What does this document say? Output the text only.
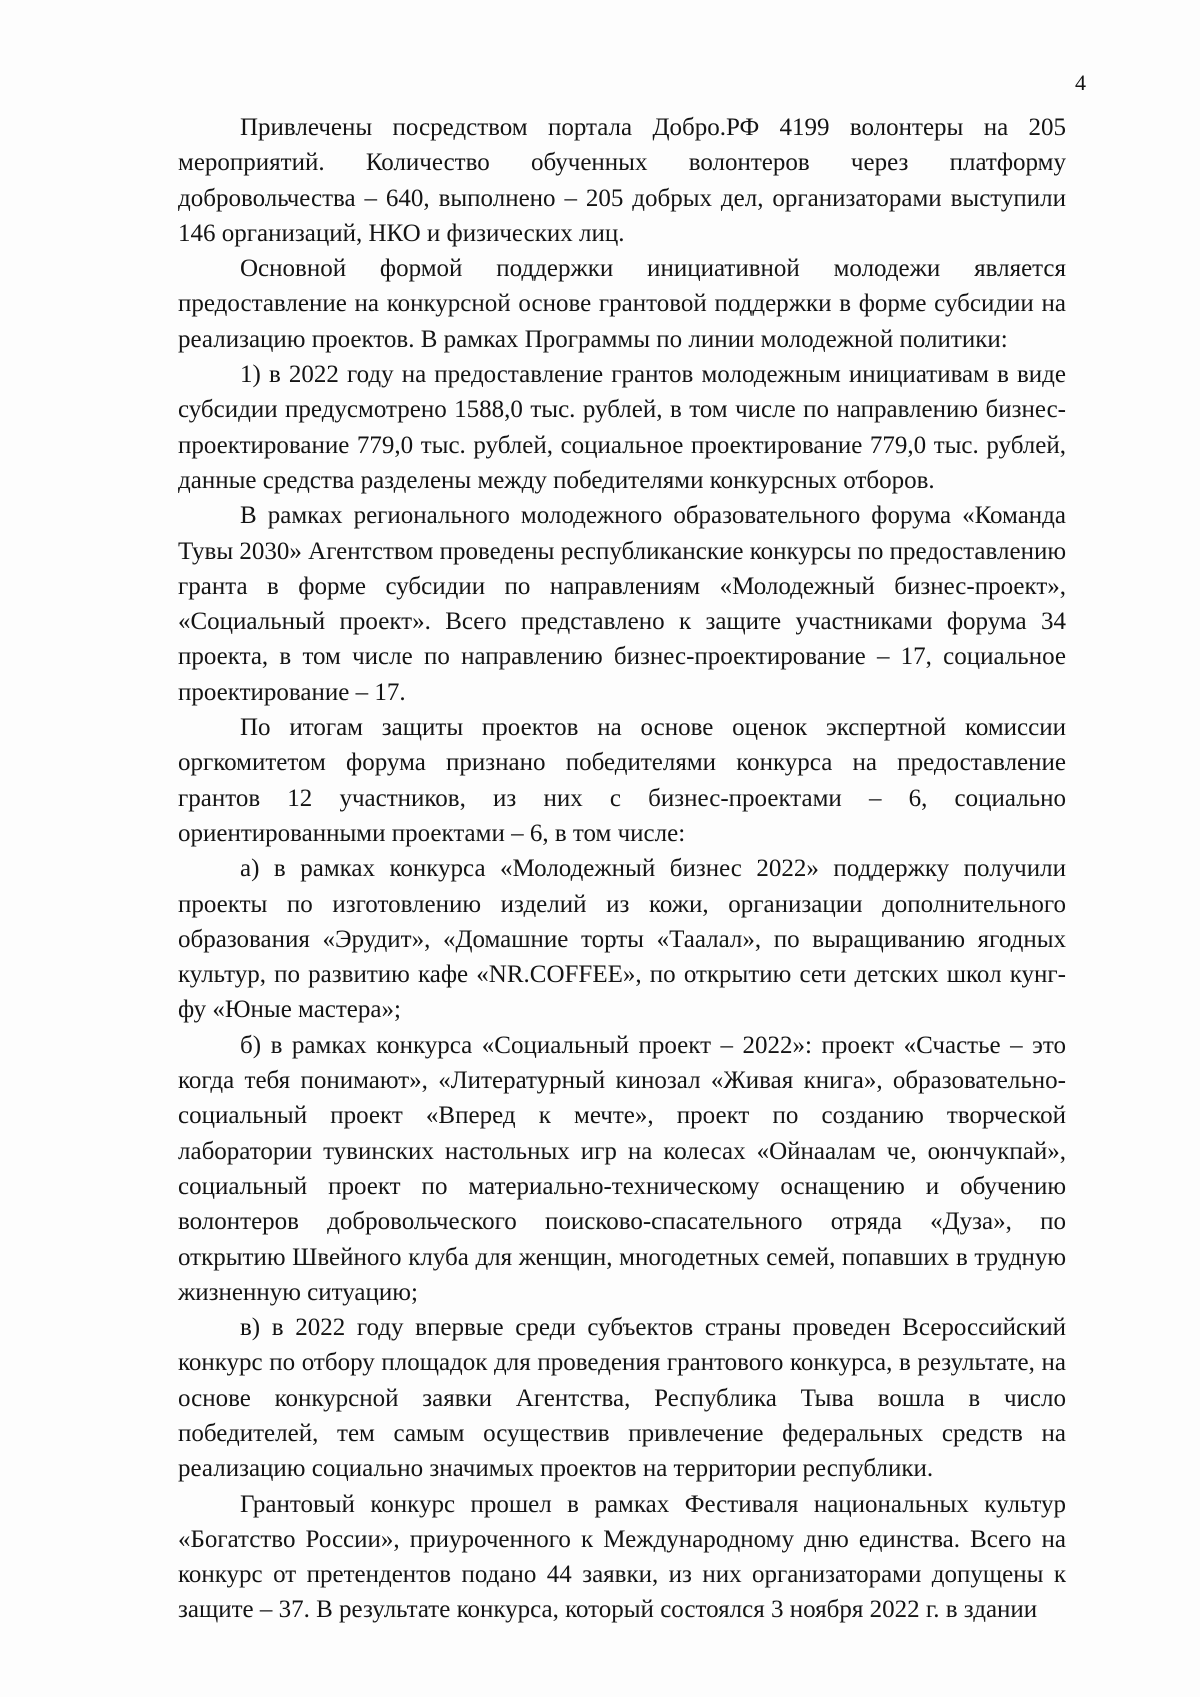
4

Привлечены посредством портала Добро.РФ 4199 волонтеры на 205 мероприятий. Количество обученных волонтеров через платформу добровольчества – 640, выполнено – 205 добрых дел, организаторами выступили 146 организаций, НКО и физических лиц.

Основной формой поддержки инициативной молодежи является предоставление на конкурсной основе грантовой поддержки в форме субсидии на реализацию проектов. В рамках Программы по линии молодежной политики:

1) в 2022 году на предоставление грантов молодежным инициативам в виде субсидии предусмотрено 1588,0 тыс. рублей, в том числе по направлению бизнес-проектирование 779,0 тыс. рублей, социальное проектирование 779,0 тыс. рублей, данные средства разделены между победителями конкурсных отборов.

В рамках регионального молодежного образовательного форума «Команда Тувы 2030» Агентством проведены республиканские конкурсы по предоставлению гранта в форме субсидии по направлениям «Молодежный бизнес-проект», «Социальный проект». Всего представлено к защите участниками форума 34 проекта, в том числе по направлению бизнес-проектирование – 17, социальное проектирование – 17.

По итогам защиты проектов на основе оценок экспертной комиссии оргкомитетом форума признано победителями конкурса на предоставление грантов 12 участников, из них с бизнес-проектами – 6, социально ориентированными проектами – 6, в том числе:

а) в рамках конкурса «Молодежный бизнес 2022» поддержку получили проекты по изготовлению изделий из кожи, организации дополнительного образования «Эрудит», «Домашние торты «Таалал», по выращиванию ягодных культур, по развитию кафе «NR.COFFEE», по открытию сети детских школ кунг-фу «Юные мастера»;

б) в рамках конкурса «Социальный проект – 2022»: проект «Счастье – это когда тебя понимают», «Литературный кинозал «Живая книга», образовательно-социальный проект «Вперед к мечте», проект по созданию творческой лаборатории тувинских настольных игр на колесах «Ойнаалам че, оюнчукпай», социальный проект по материально-техническому оснащению и обучению волонтеров добровольческого поисково-спасательного отряда «Дуза», по открытию Швейного клуба для женщин, многодетных семей, попавших в трудную жизненную ситуацию;

в) в 2022 году впервые среди субъектов страны проведен Всероссийский конкурс по отбору площадок для проведения грантового конкурса, в результате, на основе конкурсной заявки Агентства, Республика Тыва вошла в число победителей, тем самым осуществив привлечение федеральных средств на реализацию социально значимых проектов на территории республики.

Грантовый конкурс прошел в рамках Фестиваля национальных культур «Богатство России», приуроченного к Международному дню единства. Всего на конкурс от претендентов подано 44 заявки, из них организаторами допущены к защите – 37. В результате конкурса, который состоялся 3 ноября 2022 г. в здании
